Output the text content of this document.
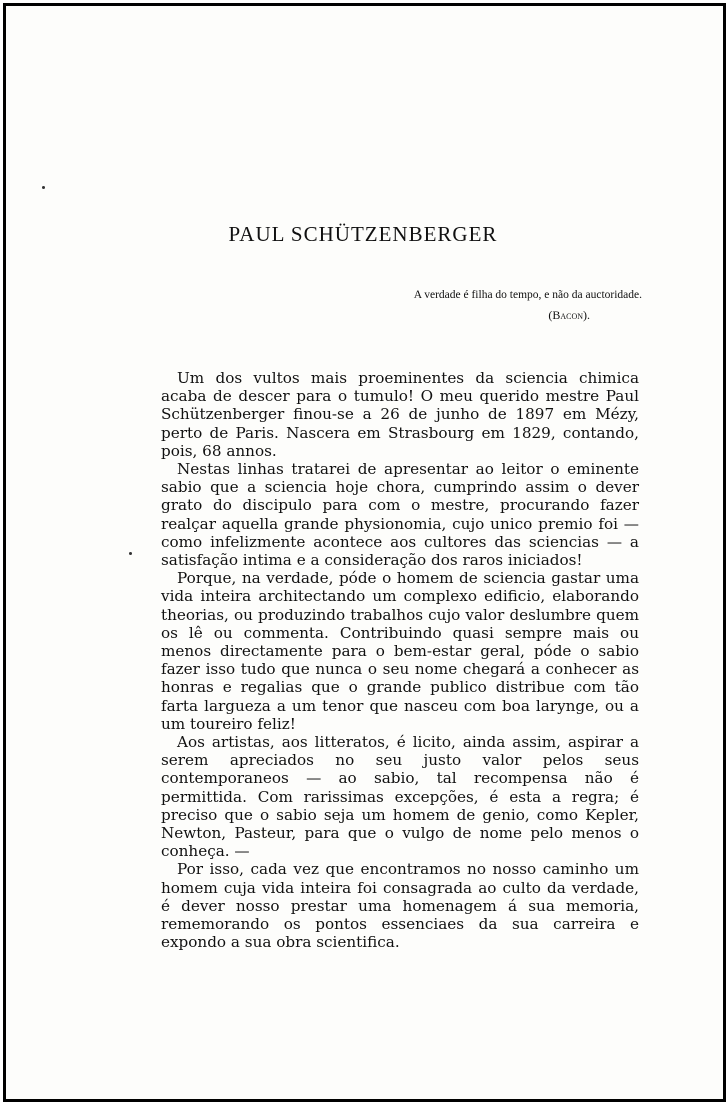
PAUL SCHÜTZENBERGER
A verdade é filha do tempo, e não da auctoridade.
(Bacon).

Um dos vultos mais proeminentes da sciencia chimica acaba de descer para o tumulo! O meu querido mestre Paul Schützenberger finou-se a 26 de junho de 1897 em Mézy, perto de Paris. Nascera em Strasbourg em 1829, contando, pois, 68 annos.

Nestas linhas tratarei de apresentar ao leitor o eminente sabio que a sciencia hoje chora, cumprindo assim o dever grato do discipulo para com o mestre, procurando fazer realçar aquella grande physionomia, cujo unico premio foi — como infelizmente acontece aos cultores das sciencias — a satisfação intima e a consideração dos raros iniciados!

Porque, na verdade, póde o homem de sciencia gastar uma vida inteira architectando um complexo edificio, elaborando theorias, ou produzindo trabalhos cujo valor deslumbre quem os lê ou commenta. Contribuindo quasi sempre mais ou menos directamente para o bem-estar geral, póde o sabio fazer isso tudo que nunca o seu nome chegará a conhecer as honras e regalias que o grande publico distribue com tão farta largueza a um tenor que nasceu com boa larynge, ou a um toureiro feliz!

Aos artistas, aos litteratos, é licito, ainda assim, aspirar a serem apreciados no seu justo valor pelos seus contemporaneos — ao sabio, tal recompensa não é permittida. Com rarissimas excepções, é esta a regra; é preciso que o sabio seja um homem de genio, como Kepler, Newton, Pasteur, para que o vulgo de nome pelo menos o conheça. —

Por isso, cada vez que encontramos no nosso caminho um homem cuja vida inteira foi consagrada ao culto da verdade, é dever nosso prestar uma homenagem á sua memoria, rememorando os pontos essenciaes da sua carreira e expondo a sua obra scientifica.
